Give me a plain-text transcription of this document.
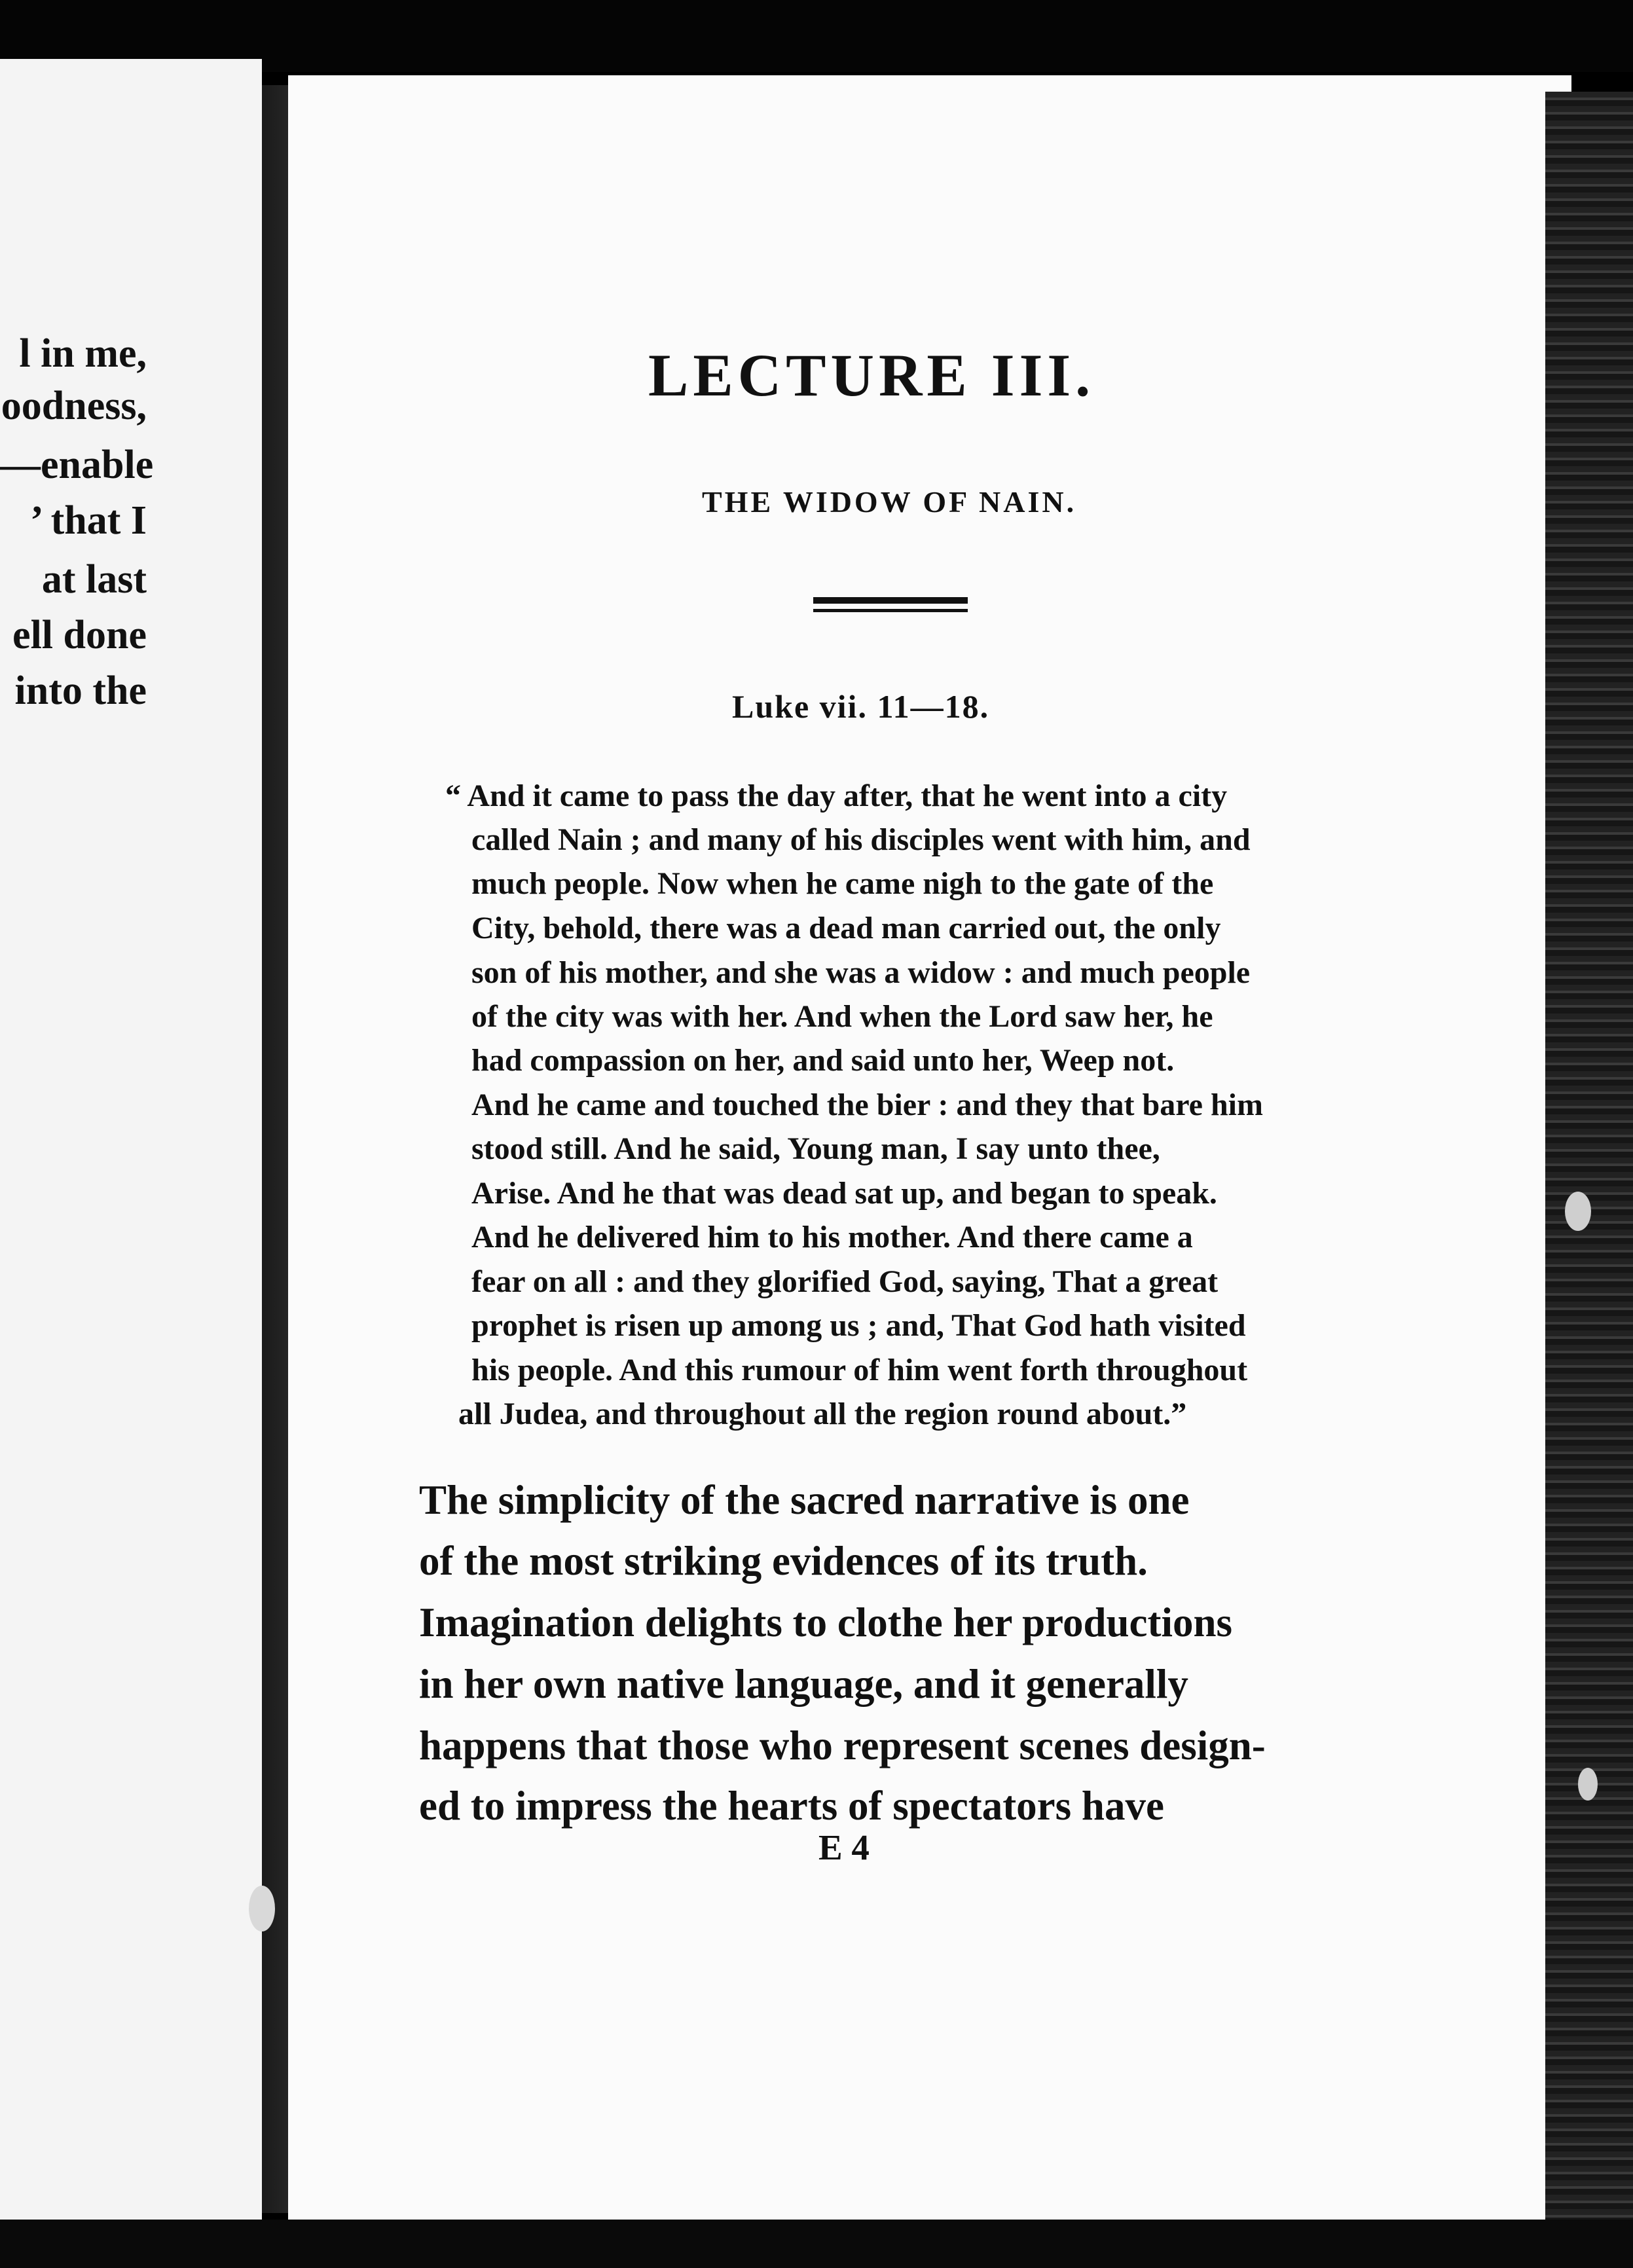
l in me,
oodness,
—enable
’ that I
at last
ell done
into the
LECTURE III.
THE WIDOW OF NAIN.
Luke vii. 11—18.
“ And it came to pass the day after, that he went into a city
called Nain ; and many of his disciples went with him, and
much people. Now when he came nigh to the gate of the
City, behold, there was a dead man carried out, the only
son of his mother, and she was a widow : and much people
of the city was with her. And when the Lord saw her, he
had compassion on her, and said unto her, Weep not.
And he came and touched the bier : and they that bare him
stood still. And he said, Young man, I say unto thee,
Arise. And he that was dead sat up, and began to speak.
And he delivered him to his mother. And there came a
fear on all : and they glorified God, saying, That a great
prophet is risen up among us ; and, That God hath visited
his people. And this rumour of him went forth throughout
all Judea, and throughout all the region round about.”
The simplicity of the sacred narrative is one
of the most striking evidences of its truth.
Imagination delights to clothe her productions
in her own native language, and it generally
happens that those who represent scenes design-
ed to impress the hearts of spectators have
E 4
